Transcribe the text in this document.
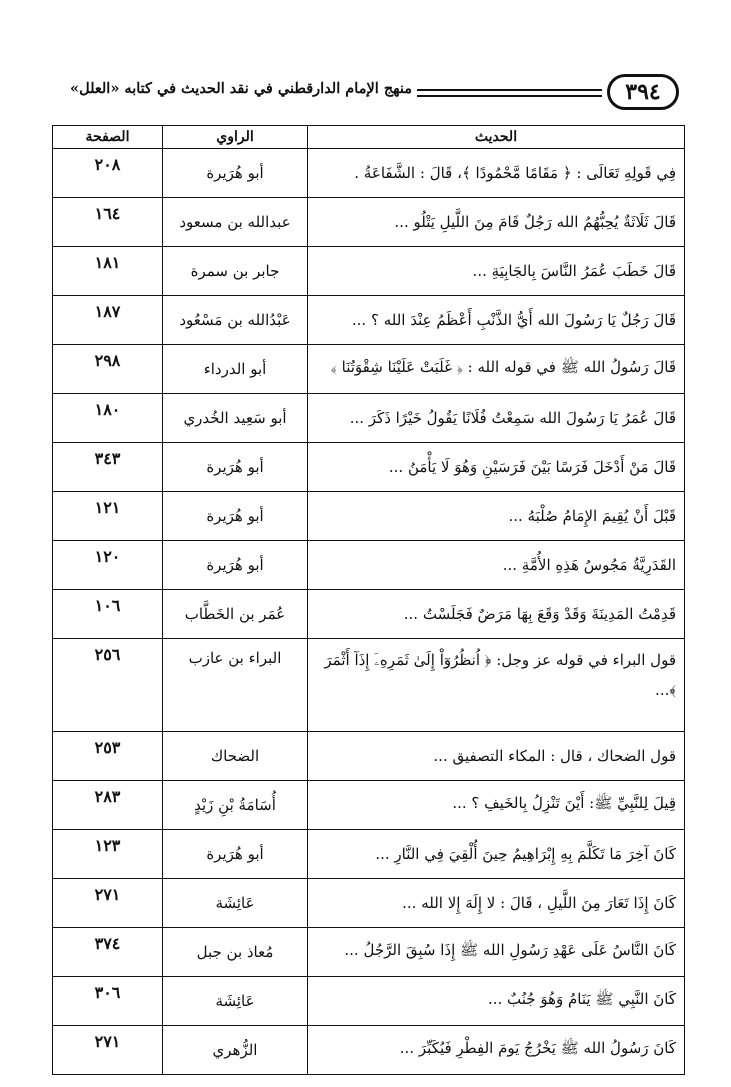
منهج الإمام الدارقطني في نقد الحديث في كتابه «العلل»	٣٩٤
الحديث	الراوي	الصفحة
فِي قَولِهِ تَعَالَى : ﴿ مَقَامًا مَّحْمُودًا ﴾، قَالَ : الشَّفَاعَةُ .	أبو هُرَيرة	٢٠٨
قَالَ ثَلَاثَةٌ يُحِبُّهُمُ الله رَجُلٌ قَامَ مِنَ اللَّيلِ يَتْلُو ...	عبدالله بن مسعود	١٦٤
قَالَ خَطَبَ عُمَرُ النَّاسَ بِالجَابِيَةِ ...	جابر بن سمرة	١٨١
قَالَ رَجُلٌ يَا رَسُولَ الله أَيُّ الذَّنْبِ أَعْظَمُ عِنْدَ الله ؟ ...	عَبْدُالله بن مَسْعُود	١٨٧
قَالَ رَسُولُ الله ﷺ في قوله الله : ﴿ غَلَبَتْ عَلَيْنَا شِقْوَتُنَا ﴾	أبو الدرداء	٢٩٨
قَالَ عُمَرُ يَا رَسُولَ الله سَمِعْتُ فُلَانًا يَقُولُ خَيْرًا ذَكَرَ ...	أبو سَعِيد الخُدري	١٨٠
قَالَ مَنْ أَدْخَلَ فَرَسًا بَيْنَ فَرَسَيْنِ وَهُوَ لَا يَأْمَنُ ...	أبو هُرَيرة	٣٤٣
قَبْلَ أَنْ يُقِيمَ الإِمَامُ صُلْبَهُ ...	أبو هُرَيرة	١٢١
القَدَرِيَّةُ مَجُوسُ هَذِهِ الأُمَّةِ ...	أبو هُرَيرة	١٢٠
قَدِمْتُ المَدِينَةَ وَقَدْ وَقَعَ بِهَا مَرَضٌ فَجَلَسْتُ ...	عُمَر بن الخَطَّاب	١٠٦
قول البراء في قوله عز وجل: ﴿ اُنظُرُوٓاْ إِلَىٰ ثَمَرِهِۦٓ إِذَآ أَثْمَرَ ﴾...	البراء بن عازب	٢٥٦
قول الضحاك ، قال : المكاء التصفيق ...	الضحاك	٢٥٣
قِيلَ لِلنَّبِيِّ ﷺ: أَيْنَ تَنْزِلُ بِالخَيفِ ؟ ...	أُسَامَةُ بْنِ زَيْدٍ	٢٨٣
كَانَ آخِرَ مَا تَكَلَّمَ بِهِ إِبْرَاهِيمُ حِينَ أُلْقِيَ فِي النَّارِ ...	أبو هُرَيرة	١٢٣
كَانَ إِذَا تَعَارَ مِنَ اللَّيلِ ، قَالَ : لا إِلَهَ إِلا الله ...	عَائِشَة	٢٧١
كَانَ النَّاسُ عَلَى عَهْدِ رَسُولِ الله ﷺ إِذَا سُبِقَ الرَّجُلُ ...	مُعاذ بن جبل	٣٧٤
كَانَ النَّبِي ﷺ يَنَامُ وَهُوَ جُنُبٌ ...	عَائِشَة	٣٠٦
كَانَ رَسُولُ الله ﷺ يَخْرُجُ يَومَ الفِطْرِ فَيُكَبِّرَ ...	الزُّهري	٢٧١
